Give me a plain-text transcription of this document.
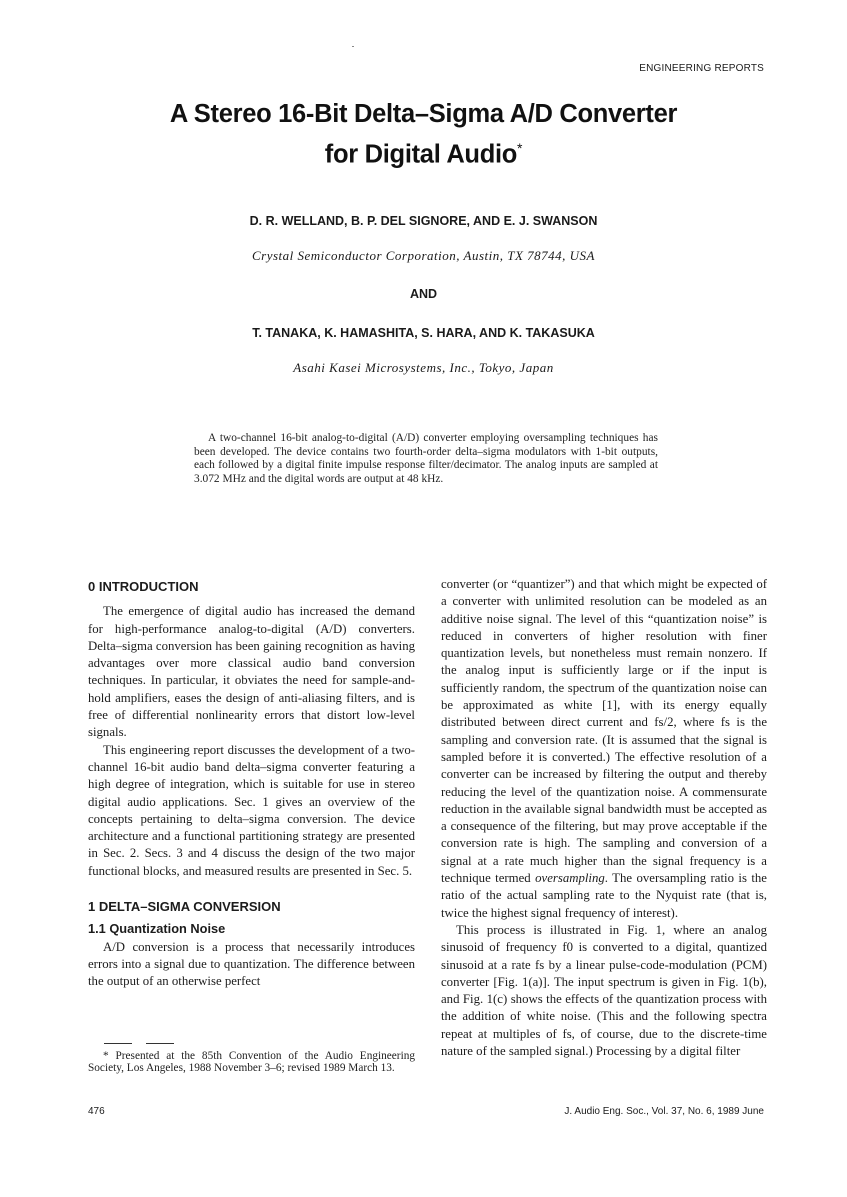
ENGINEERING REPORTS
A Stereo 16-Bit Delta–Sigma A/D Converter
for Digital Audio*
D. R. WELLAND, B. P. DEL SIGNORE, AND E. J. SWANSON
Crystal Semiconductor Corporation, Austin, TX 78744, USA
AND
T. TANAKA, K. HAMASHITA, S. HARA, AND K. TAKASUKA
Asahi Kasei Microsystems, Inc., Tokyo, Japan
A two-channel 16-bit analog-to-digital (A/D) converter employing oversampling techniques has been developed. The device contains two fourth-order delta–sigma modulators with 1-bit outputs, each followed by a digital finite impulse response filter/decimator. The analog inputs are sampled at 3.072 MHz and the digital words are output at 48 kHz.
0 INTRODUCTION

The emergence of digital audio has increased the demand for high-performance analog-to-digital (A/D) converters. Delta–sigma conversion has been gaining recognition as having advantages over more classical audio band conversion techniques. In particular, it obviates the need for sample-and-hold amplifiers, eases the design of anti-aliasing filters, and is free of differential nonlinearity errors that distort low-level signals.

This engineering report discusses the development of a two-channel 16-bit audio band delta–sigma converter featuring a high degree of integration, which is suitable for use in stereo digital audio applications. Sec. 1 gives an overview of the concepts pertaining to delta–sigma conversion. The device architecture and a functional partitioning strategy are presented in Sec. 2. Secs. 3 and 4 discuss the design of the two major functional blocks, and measured results are presented in Sec. 5.

1 DELTA–SIGMA CONVERSION
1.1 Quantization Noise

A/D conversion is a process that necessarily introduces errors into a signal due to quantization. The difference between the output of an otherwise perfect

* Presented at the 85th Convention of the Audio Engineering Society, Los Angeles, 1988 November 3–6; revised 1989 March 13.

converter (or “quantizer”) and that which might be expected of a converter with unlimited resolution can be modeled as an additive noise signal. The level of this “quantization noise” is reduced in converters of higher resolution with finer quantization levels, but nonetheless must remain nonzero. If the analog input is sufficiently large or if the input is sufficiently random, the spectrum of the quantization noise can be approximated as white [1], with its energy equally distributed between direct current and fs/2, where fs is the sampling and conversion rate. (It is assumed that the signal is sampled before it is converted.) The effective resolution of a converter can be increased by filtering the output and thereby reducing the level of the quantization noise. A commensurate reduction in the available signal bandwidth must be accepted as a consequence of the filtering, but may prove acceptable if the conversion rate is high. The sampling and conversion of a signal at a rate much higher than the signal frequency is a technique termed oversampling. The oversampling ratio is the ratio of the actual sampling rate to the Nyquist rate (that is, twice the highest signal frequency of interest).

This process is illustrated in Fig. 1, where an analog sinusoid of frequency f0 is converted to a digital, quantized sinusoid at a rate fs by a linear pulse-code-modulation (PCM) converter [Fig. 1(a)]. The input spectrum is given in Fig. 1(b), and Fig. 1(c) shows the effects of the quantization process with the addition of white noise. (This and the following spectra repeat at multiples of fs, of course, due to the discrete-time nature of the sampled signal.) Processing by a digital filter

476	J. Audio Eng. Soc., Vol. 37, No. 6, 1989 June
